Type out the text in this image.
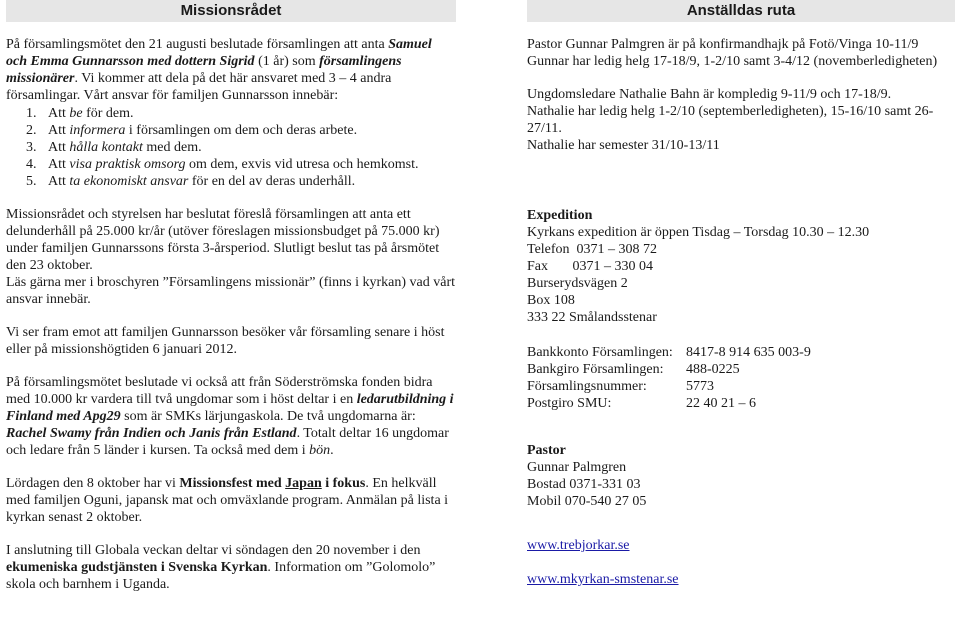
Missionsrådet

På församlingsmötet den 21 augusti beslutade församlingen att anta Samuel och Emma Gunnarsson med dottern Sigrid (1 år) som församlingens missionärer. Vi kommer att dela på det här ansvaret med 3 – 4 andra församlingar. Vårt ansvar för familjen Gunnarsson innebär:

1. Att be för dem.
2. Att informera i församlingen om dem och deras arbete.
3. Att hålla kontakt med dem.
4. Att visa praktisk omsorg om dem, exvis vid utresa och hemkomst.
5. Att ta ekonomiskt ansvar för en del av deras underhåll.

Missionsrådet och styrelsen har beslutat föreslå församlingen att anta ett delunderhåll på 25.000 kr/år (utöver föreslagen missionsbudget på 75.000 kr) under familjen Gunnarssons första 3-årsperiod. Slutligt beslut tas på årsmötet den 23 oktober.

Läs gärna mer i broschyren ”Församlingens missionär” (finns i kyrkan) vad vårt ansvar innebär.

Vi ser fram emot att familjen Gunnarsson besöker vår församling senare i höst eller på missionshögtiden 6 januari 2012.

På församlingsmötet beslutade vi också att från Söderströmska fonden bidra med 10.000 kr vardera till två ungdomar som i höst deltar i en ledarutbildning i Finland med Apg29 som är SMKs lärjungaskola. De två ungdomarna är: Rachel Swamy från Indien och Janis från Estland. Totalt deltar 16 ungdomar och ledare från 5 länder i kursen. Ta också med dem i bön.

Lördagen den 8 oktober har vi Missionsfest med Japan i fokus. En helkväll med familjen Oguni, japansk mat och omväxlande program. Anmälan på lista i kyrkan senast 2 oktober.

I anslutning till Globala veckan deltar vi söndagen den 20 november i den ekumeniska gudstjänsten i Svenska Kyrkan. Information om ”Golomolo” skola och barnhem i Uganda.

Anställdas ruta

Pastor Gunnar Palmgren är på konfirmandhajk på Fotö/Vinga 10-11/9 Gunnar har ledig helg 17-18/9, 1-2/10 samt 3-4/12 (novemberledigheten)

Ungdomsledare Nathalie Bahn är kompledig 9-11/9 och 17-18/9.

Nathalie har ledig helg 1-2/10 (septemberledigheten), 15-16/10 samt 26-27/11.

Nathalie har semester 31/10-13/11

Expedition

Kyrkans expedition är öppen Tisdag – Torsdag 10.30 – 12.30

Telefon  0371 – 308 72

Fax       0371 – 330 04

Burserydsvägen 2

Box 108

333 22 Smålandsstenar

Bankkonto Församlingen: 8417-8 914 635 003-9
Bankgiro Församlingen:	488-0225
Församlingsnummer:	5773
Postgiro SMU:	22 40 21 – 6

Pastor

Gunnar Palmgren

Bostad 0371-331 03

Mobil 070-540 27 05

www.trebjorkar.se

www.mkyrkan-smstenar.se
